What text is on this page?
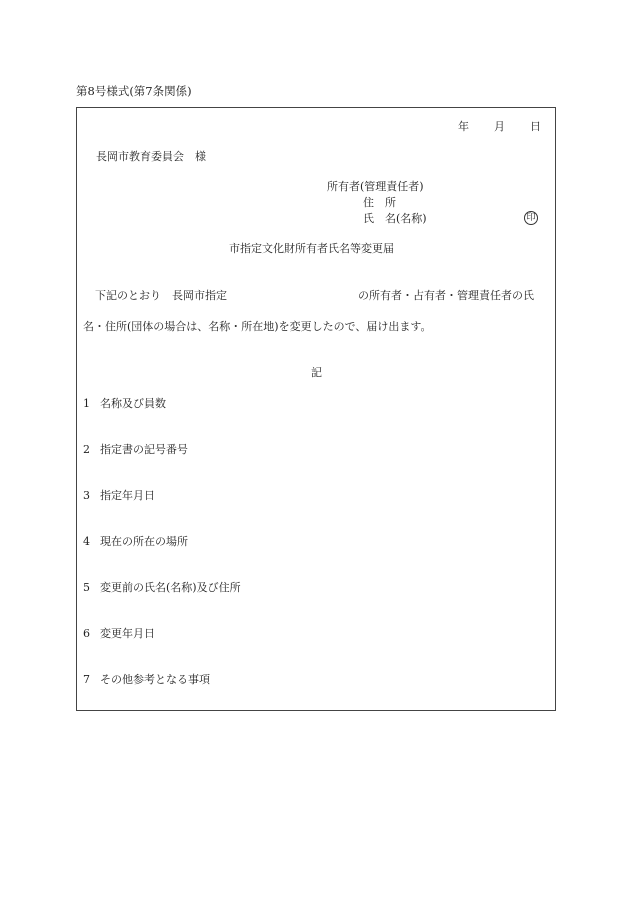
第8号様式(第7条関係)
年 月 日
長岡市教育委員会　様
所有者(管理責任者)
住　所
氏　名(名称)	印
市指定文化財所有者氏名等変更届
下記のとおり　長岡市指定	の所有者・占有者・管理責任者の氏
名・住所(団体の場合は、名称・所在地)を変更したので、届け出ます。
記
1 名称及び員数
2 指定書の記号番号
3 指定年月日
4 現在の所在の場所
5 変更前の氏名(名称)及び住所
6 変更年月日
7 その他参考となる事項
